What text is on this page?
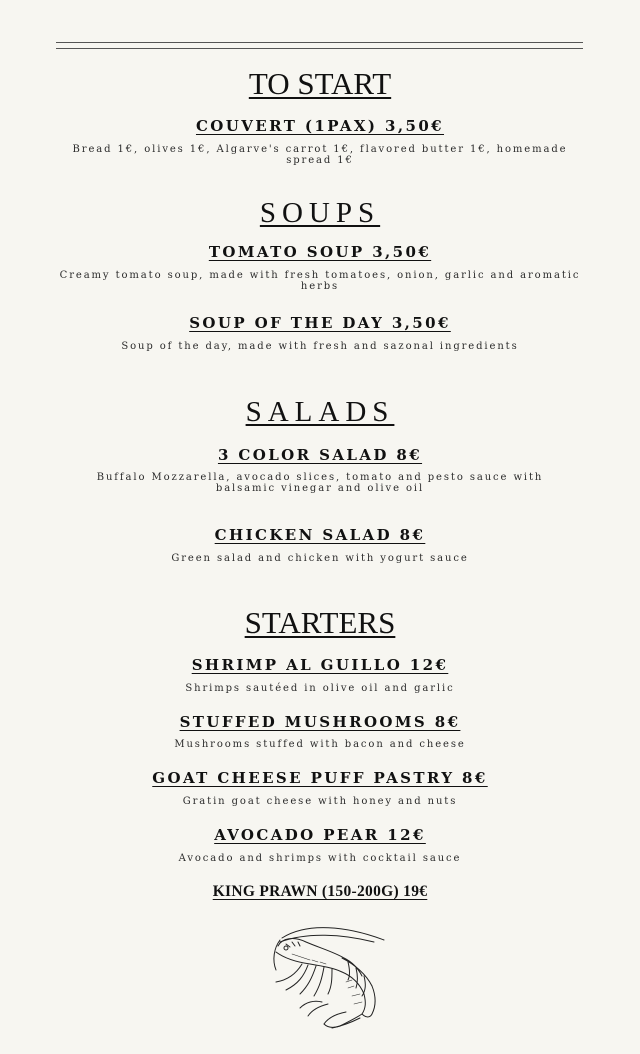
TO START
COUVERT (1PAX) 3,50€
Bread 1€, olives 1€, Algarve's carrot 1€, flavored butter 1€, homemade spread 1€
SOUPS
TOMATO SOUP 3,50€
Creamy tomato soup, made with fresh tomatoes, onion, garlic and aromatic herbs
SOUP OF THE DAY 3,50€
Soup of the day, made with fresh and sazonal ingredients
SALADS
3 COLOR SALAD 8€
Buffalo Mozzarella, avocado slices, tomato and pesto sauce with balsamic vinegar and olive oil
CHICKEN SALAD 8€
Green salad and chicken with yogurt sauce
STARTERS
SHRIMP AL GUILLO 12€
Shrimps sautéed in olive oil and garlic
STUFFED MUSHROOMS 8€
Mushrooms stuffed with bacon and cheese
GOAT CHEESE PUFF PASTRY 8€
Gratin goat cheese with honey and nuts
AVOCADO PEAR 12€
Avocado and shrimps with cocktail sauce
KING PRAWN (150-200G) 19€
